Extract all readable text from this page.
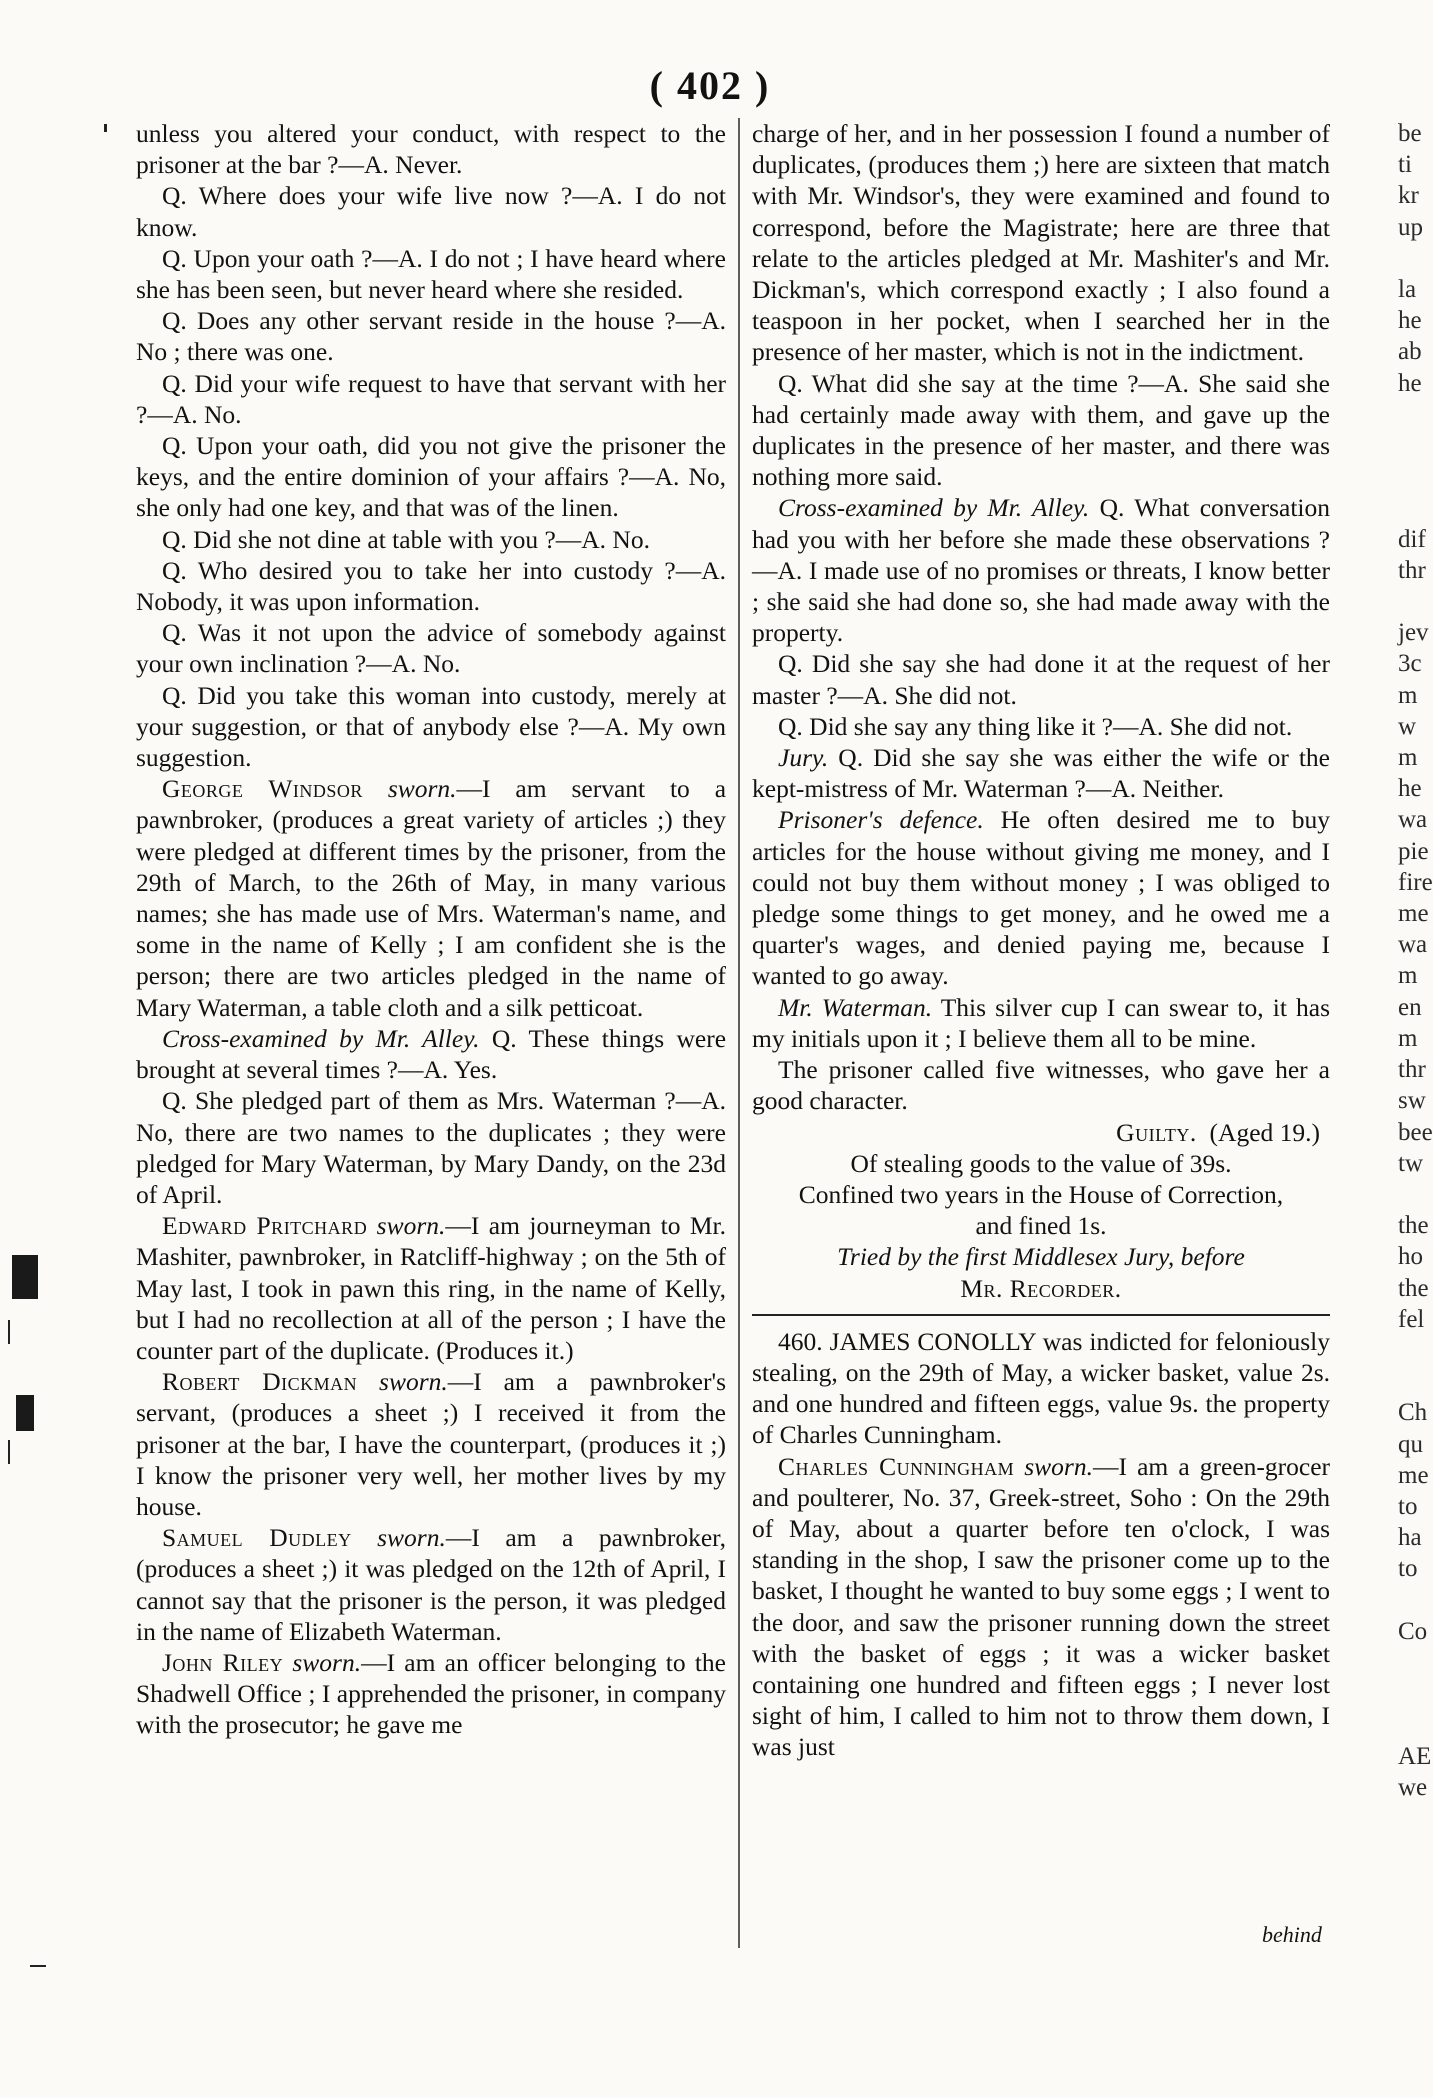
( 402 )

unless you altered your conduct, with respect to the prisoner at the bar ?—A. Never.

Q. Where does your wife live now ?—A. I do not know.

Q. Upon your oath ?—A. I do not ; I have heard where she has been seen, but never heard where she resided.

Q. Does any other servant reside in the house ?—A. No ; there was one.

Q. Did your wife request to have that servant with her ?—A. No.

Q. Upon your oath, did you not give the prisoner the keys, and the entire dominion of your affairs ?—A. No, she only had one key, and that was of the linen.

Q. Did she not dine at table with you ?—A. No.

Q. Who desired you to take her into custody ?—A. Nobody, it was upon information.

Q. Was it not upon the advice of somebody against your own inclination ?—A. No.

Q. Did you take this woman into custody, merely at your suggestion, or that of anybody else ?—A. My own suggestion.

George Windsor sworn.—I am servant to a pawnbroker, (produces a great variety of articles ;) they were pledged at different times by the prisoner, from the 29th of March, to the 26th of May, in many various names; she has made use of Mrs. Waterman's name, and some in the name of Kelly ; I am confident she is the person; there are two articles pledged in the name of Mary Waterman, a table cloth and a silk petticoat.

Cross-examined by Mr. Alley. Q. These things were brought at several times ?—A. Yes.

Q. She pledged part of them as Mrs. Waterman ?—A. No, there are two names to the duplicates ; they were pledged for Mary Waterman, by Mary Dandy, on the 23d of April.

Edward Pritchard sworn.—I am journeyman to Mr. Mashiter, pawnbroker, in Ratcliff-highway ; on the 5th of May last, I took in pawn this ring, in the name of Kelly, but I had no recollection at all of the person ; I have the counter part of the duplicate. (Produces it.)

Robert Dickman sworn.—I am a pawnbroker's servant, (produces a sheet ;) I received it from the prisoner at the bar, I have the counterpart, (produces it ;) I know the prisoner very well, her mother lives by my house.

Samuel Dudley sworn.—I am a pawnbroker, (produces a sheet ;) it was pledged on the 12th of April, I cannot say that the prisoner is the person, it was pledged in the name of Elizabeth Waterman.

John Riley sworn.—I am an officer belonging to the Shadwell Office ; I apprehended the prisoner, in company with the prosecutor; he gave me

charge of her, and in her possession I found a number of duplicates, (produces them ;) here are sixteen that match with Mr. Windsor's, they were examined and found to correspond, before the Magistrate; here are three that relate to the articles pledged at Mr. Mashiter's and Mr. Dickman's, which correspond exactly ; I also found a teaspoon in her pocket, when I searched her in the presence of her master, which is not in the indictment.

Q. What did she say at the time ?—A. She said she had certainly made away with them, and gave up the duplicates in the presence of her master, and there was nothing more said.

Cross-examined by Mr. Alley. Q. What conversation had you with her before she made these observations ?—A. I made use of no promises or threats, I know better ; she said she had done so, she had made away with the property.

Q. Did she say she had done it at the request of her master ?—A. She did not.

Q. Did she say any thing like it ?—A. She did not.

Jury. Q. Did she say she was either the wife or the kept-mistress of Mr. Waterman ?—A. Neither.

Prisoner's defence. He often desired me to buy articles for the house without giving me money, and I could not buy them without money ; I was obliged to pledge some things to get money, and he owed me a quarter's wages, and denied paying me, because I wanted to go away.

Mr. Waterman. This silver cup I can swear to, it has my initials upon it ; I believe them all to be mine.

The prisoner called five witnesses, who gave her a good character.

Guilty. (Aged 19.)

Of stealing goods to the value of 39s.

Confined two years in the House of Correction,

and fined 1s.

Tried by the first Middlesex Jury, before

Mr. Recorder.

460. JAMES CONOLLY was indicted for feloniously stealing, on the 29th of May, a wicker basket, value 2s. and one hundred and fifteen eggs, value 9s. the property of Charles Cunningham.

Charles Cunningham sworn.—I am a green-grocer and poulterer, No. 37, Greek-street, Soho : On the 29th of May, about a quarter before ten o'clock, I was standing in the shop, I saw the prisoner come up to the basket, I thought he wanted to buy some eggs ; I went to the door, and saw the prisoner running down the street with the basket of eggs ; it was a wicker basket containing one hundred and fifteen eggs ; I never lost sight of him, I called to him not to throw them down, I was just

behind
be
ti
kr
up

la
he
ab
he

dif
thr

jev
3c
m
w
m
he
wa
pie
fire
me
wa
m
en
m
thr
sw
bee
tw

the
ho
the
fel

Ch
qu
me
to
ha
to

Co

AE
we
